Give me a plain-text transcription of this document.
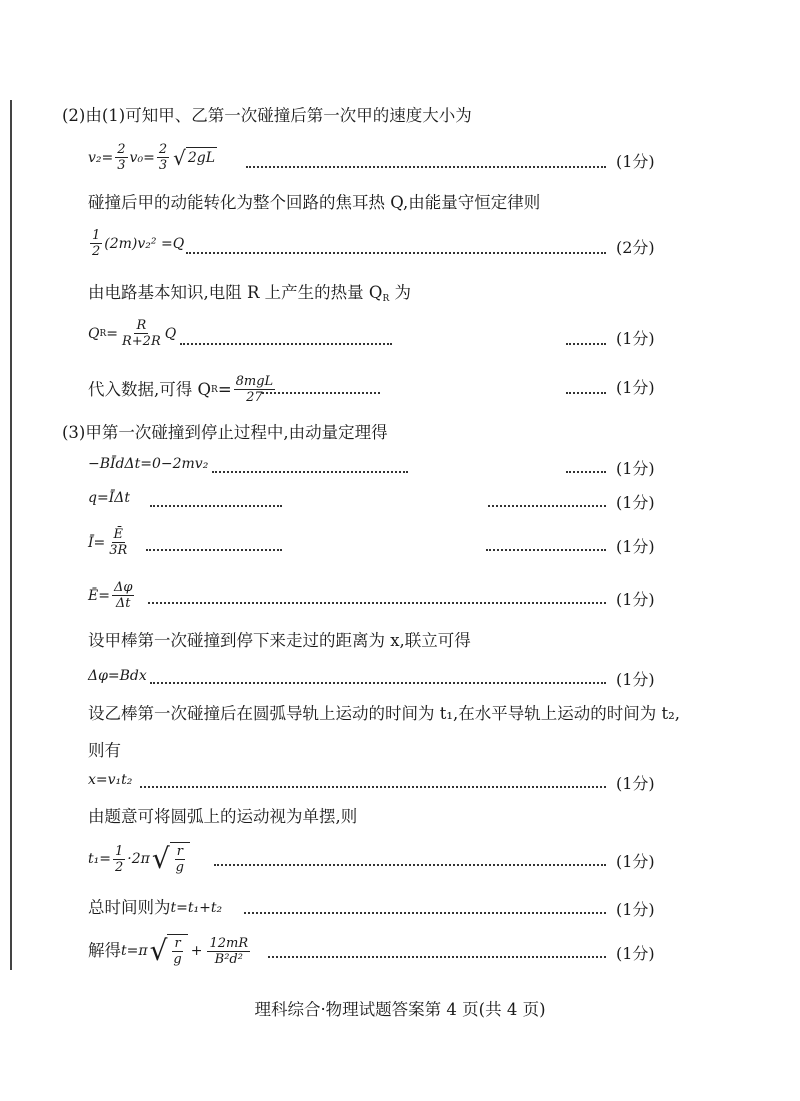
(2)由(1)可知甲、乙第一次碰撞后第一次甲的速度大小为
$v_2= \frac{2}{3} v_0= \frac{2}{3}$ √ 2gL	(1分)
碰撞后甲的动能转化为整个回路的焦耳热 Q,由能量守恒定律则
$\frac{1}{2} (2m)v_2^2 =Q$	(2分)
由电路基本知识,电阻 R 上产生的热量 $Q_R$ 为
Q $R = \frac{R}{R+2R}$ Q	(1分)
代入数据,可得 Q $R = \frac{\text{8mgL}}{27}$	(1分)
(3)甲第一次碰撞到停止过程中,由动量定理得
−BĪdΔt=0−2mv₂	(1分)
q=ĪΔt	(1分)
Ī= $\frac{Ē}{3R}$	(1分)
Ē= $\frac{\Delta\varphi}{\Delta t}$	(1分)
设甲棒第一次碰撞到停下来走过的距离为 x,联立可得
Δφ=Bdx	(1分)
设乙棒第一次碰撞后在圆弧导轨上运动的时间为 t₁,在水平导轨上运动的时间为 t₂,
则有
x=v₁t₂	(1分)
由题意可将圆弧上的运动视为单摆,则
$t_1= \frac{1}{2} \cdot 2\pi$ √ $\frac{r}{g}$	(1分)
总时间则为 t=t₁+t₂	(1分)
解得 t=π √ $\frac{r}{g} + \frac{12mR}{\text{B²d²}}$	(1分)
理科综合·物理试题答案第 4 页(共 4 页)
